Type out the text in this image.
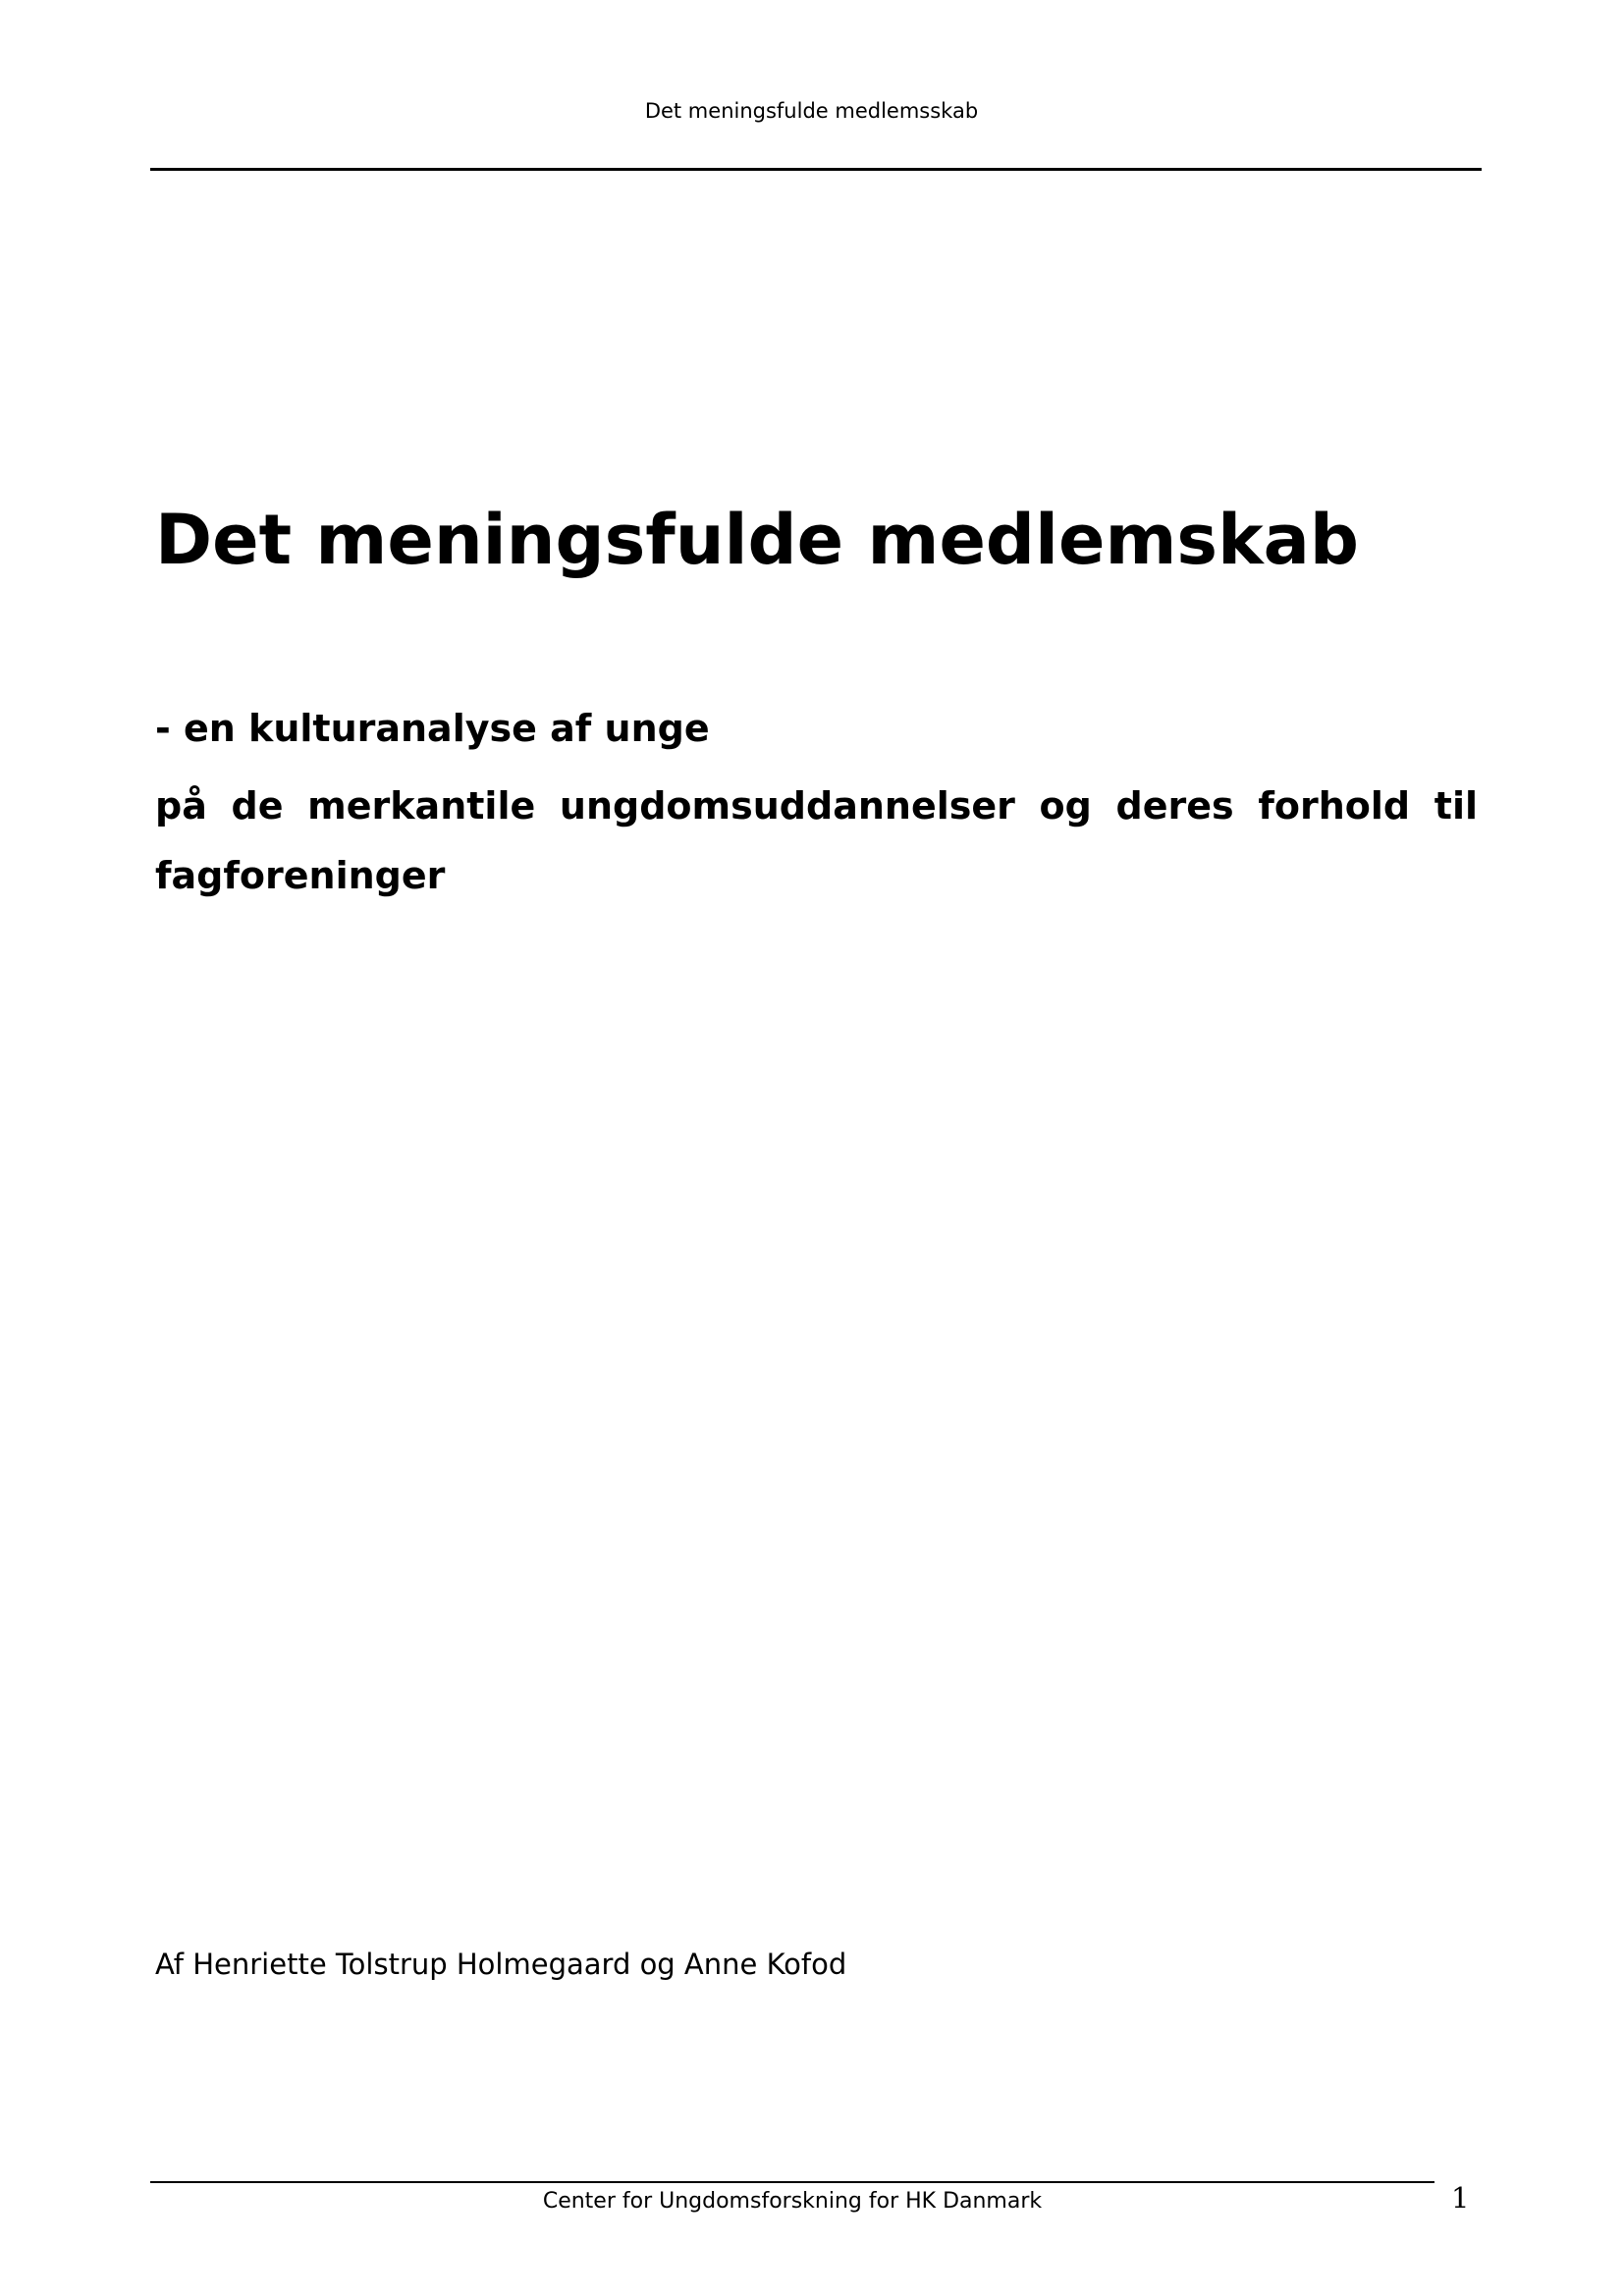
Det meningsfulde medlemsskab
Det meningsfulde medlemskab

- en kulturanalyse af unge

på de merkantile ungdomsuddannelser og deres forhold til fagforeninger

Af Henriette Tolstrup Holmegaard og Anne Kofod

Center for Ungdomsforskning for HK Danmark	1
